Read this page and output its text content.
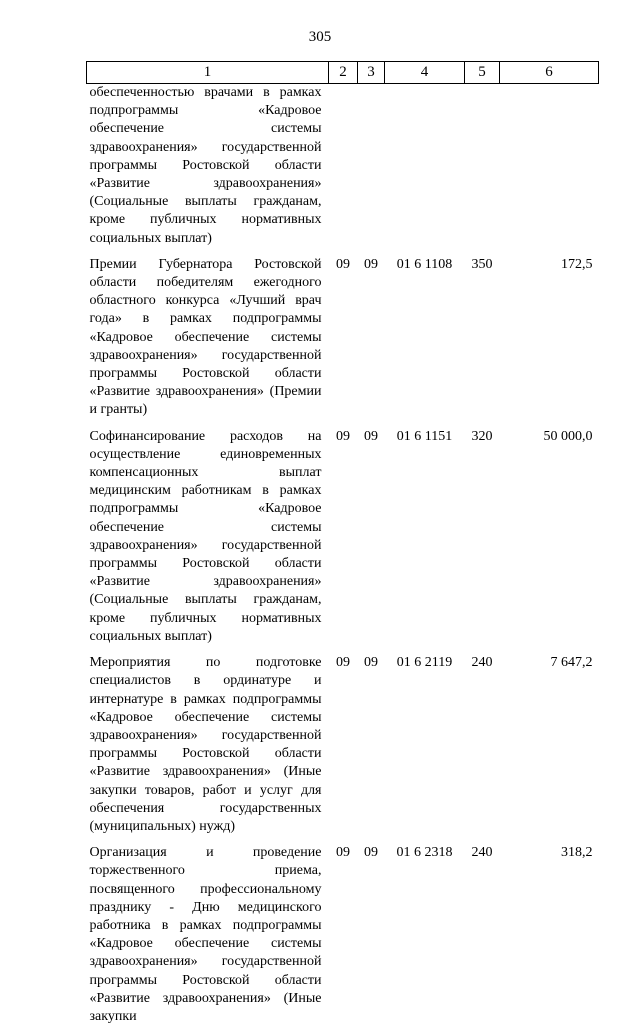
305
1	2	3	4	5	6
обеспеченностью врачами в рамках подпрограммы «Кадровое обеспечение системы здравоохранения» государственной программы Ростовской области «Развитие здравоохранения» (Социальные выплаты гражданам, кроме публичных нормативных социальных выплат)					

Премии Губернатора Ростовской области победителям ежегодного областного конкурса «Лучший врач года» в рамках подпрограммы «Кадровое обеспечение системы здравоохранения» государственной программы Ростовской области «Развитие здравоохранения» (Премии и гранты)	09	09	01 6 1108	350	172,5

Софинансирование расходов на осуществление единовременных компенсационных выплат медицинским работникам в рамках подпрограммы «Кадровое обеспечение системы здравоохранения» государственной программы Ростовской области «Развитие здравоохранения» (Социальные выплаты гражданам, кроме публичных нормативных социальных выплат)	09	09	01 6 1151	320	50 000,0

Мероприятия по подготовке специалистов в ординатуре и интернатуре в рамках подпрограммы «Кадровое обеспечение системы здравоохранения» государственной программы Ростовской области «Развитие здравоохранения» (Иные закупки товаров, работ и услуг для обеспечения государственных (муниципальных) нужд)	09	09	01 6 2119	240	7 647,2

Организация и проведение торжественного приема, посвященного профессиональному празднику - Дню медицинского работника в рамках подпрограммы «Кадровое обеспечение системы здравоохранения» государственной программы Ростовской области «Развитие здравоохранения» (Иные закупки	09	09	01 6 2318	240	318,2
